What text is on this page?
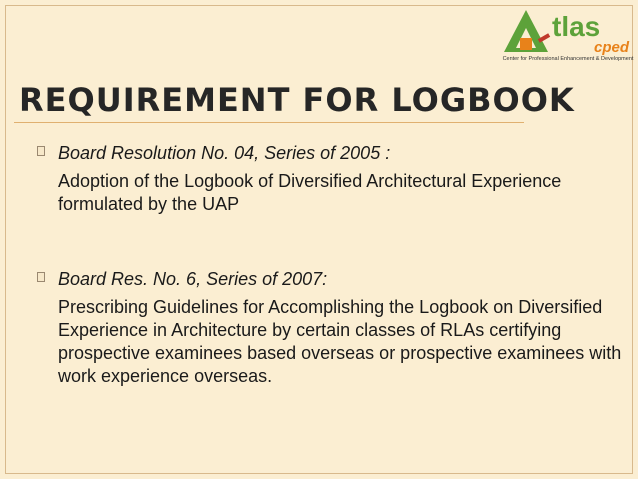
tlas
cped
Center for Professional Enhancement & Development
REQUIREMENT FOR LOGBOOK
Board Resolution No. 04, Series of 2005 :
Adoption of the Logbook of Diversified Architectural Experience formulated by the UAP
Board Res. No. 6, Series of 2007:
Prescribing Guidelines for Accomplishing the Logbook on Diversified Experience in Architecture by certain classes of RLAs certifying prospective examinees based overseas or prospective examinees with work experience overseas.
